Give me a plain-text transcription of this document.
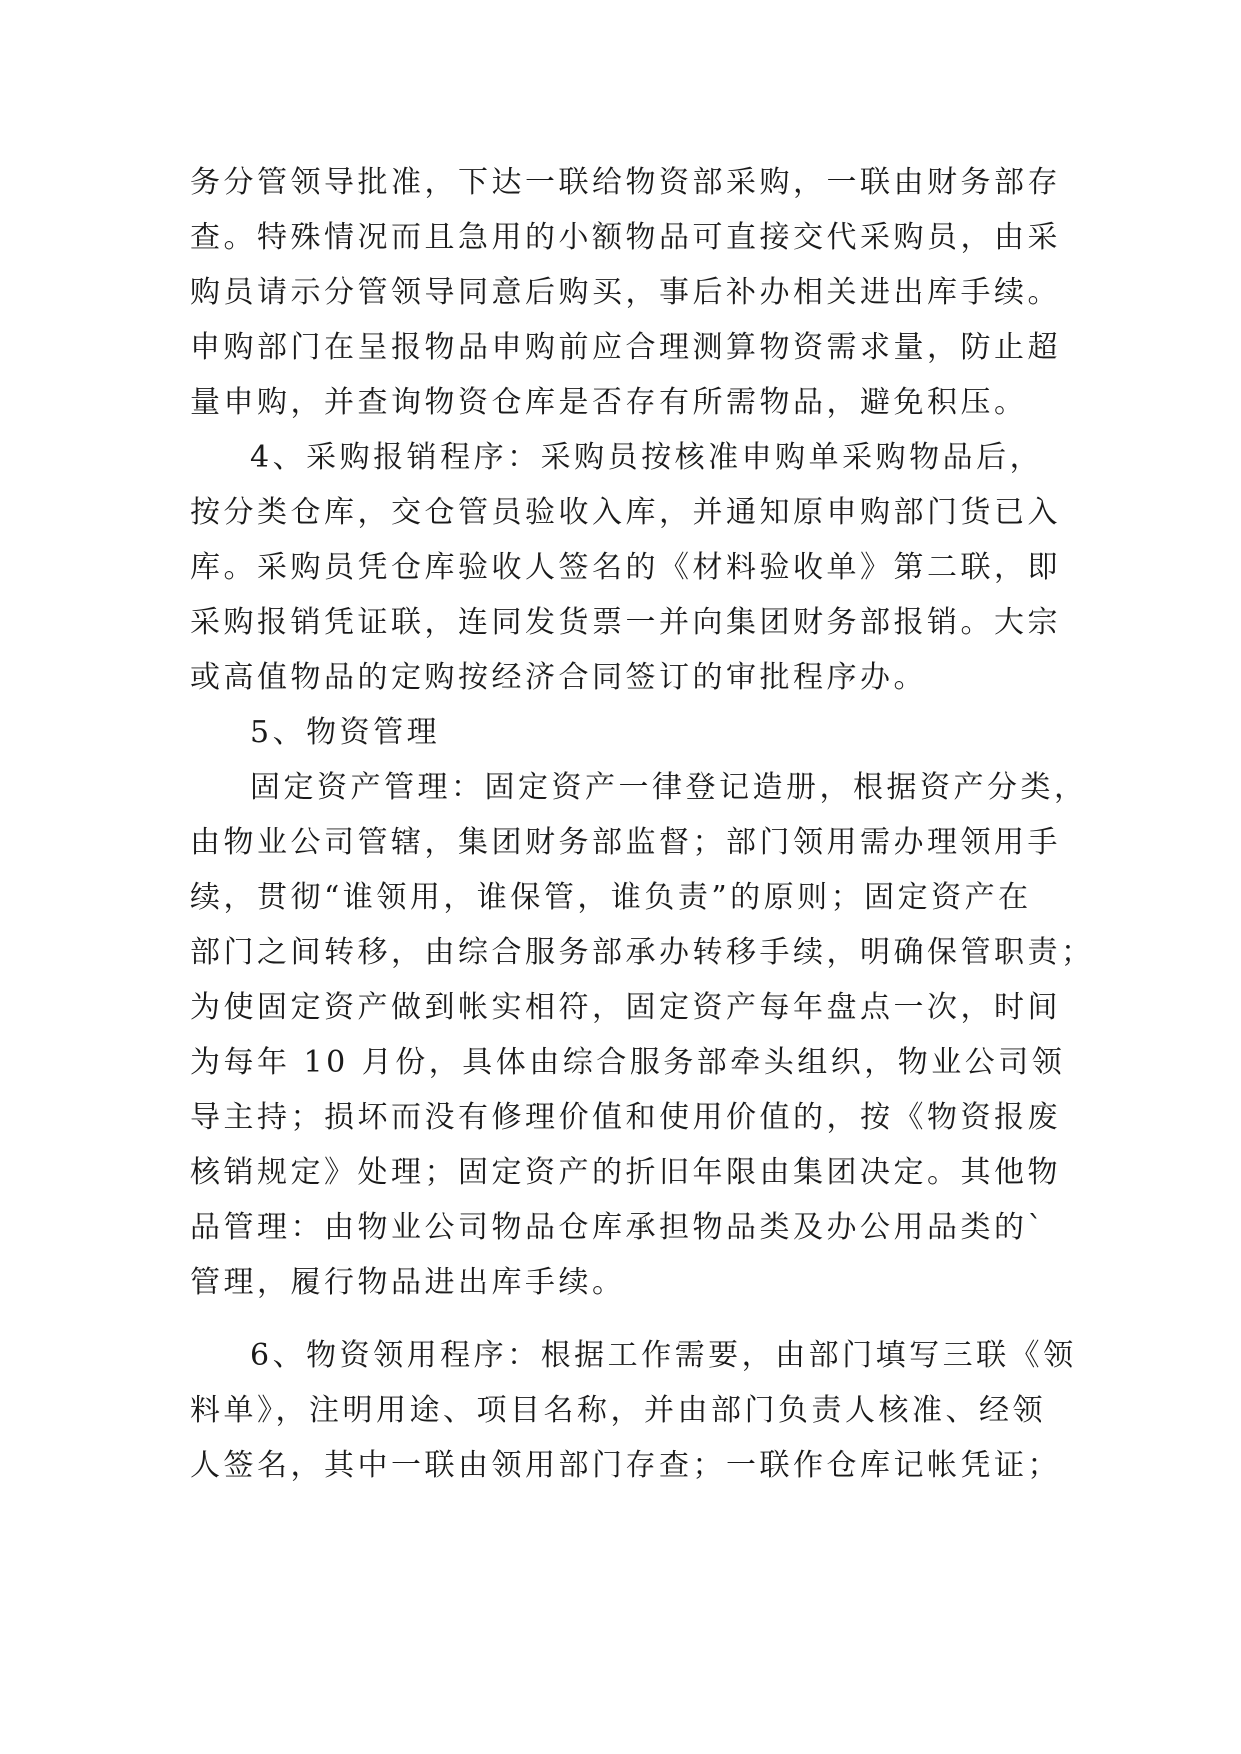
务分管领导批准，下达一联给物资部采购，一联由财务部存
查。特殊情况而且急用的小额物品可直接交代采购员，由采
购员请示分管领导同意后购买，事后补办相关进出库手续。
申购部门在呈报物品申购前应合理测算物资需求量，防止超
量申购，并查询物资仓库是否存有所需物品，避免积压。
4、采购报销程序：采购员按核准申购单采购物品后，
按分类仓库，交仓管员验收入库，并通知原申购部门货已入
库。采购员凭仓库验收人签名的《材料验收单》第二联，即
采购报销凭证联，连同发货票一并向集团财务部报销。大宗
或高值物品的定购按经济合同签订的审批程序办。
5、物资管理
固定资产管理：固定资产一律登记造册，根据资产分类，
由物业公司管辖，集团财务部监督；部门领用需办理领用手
续，贯彻“谁领用，谁保管，谁负责”的原则；固定资产在
部门之间转移，由综合服务部承办转移手续，明确保管职责；
为使固定资产做到帐实相符，固定资产每年盘点一次，时间
为每年 10 月份，具体由综合服务部牵头组织，物业公司领
导主持；损坏而没有修理价值和使用价值的，按《物资报废
核销规定》处理；固定资产的折旧年限由集团决定。其他物
品管理：由物业公司物品仓库承担物品类及办公用品类的`
管理，履行物品进出库手续。
6、物资领用程序：根据工作需要，由部门填写三联《领
料单》，注明用途、项目名称，并由部门负责人核准、经领
人签名，其中一联由领用部门存查；一联作仓库记帐凭证；
